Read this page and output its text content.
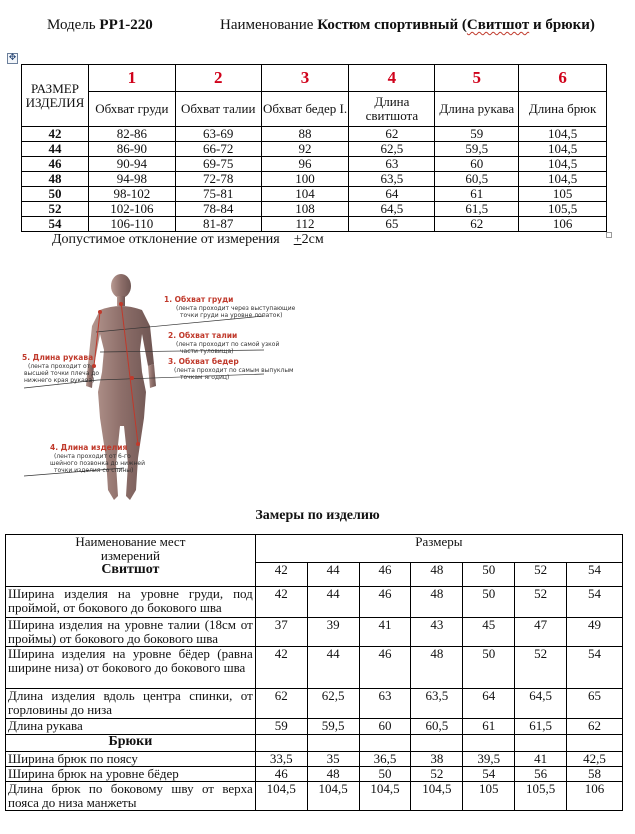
Модель PP1-220	Наименование Костюм спортивный (Свитшот и брюки)
✥
РАЗМЕР ИЗДЕЛИЯ	1	2	3	4	5	6
	Обхват груди	Обхват талии	Обхват бедер I.	Длина свитшота	Длина рукава	Длина брюк
42	82-86	63-69	88	62	59	104,5
44	86-90	66-72	92	62,5	59,5	104,5
46	90-94	69-75	96	63	60	104,5
48	94-98	72-78	100	63,5	60,5	104,5
50	98-102	75-81	104	64	61	105
52	102-106	78-84	108	64,5	61,5	105,5
54	106-110	81-87	112	65	62	106
Допустимое отклонение от измерения +2см
1. Обхват груди
(лента проходит через выступающие
точки груди на уровне лопаток)
2. Обхват талии
(лента проходит по самой узкой
части туловища)
3. Обхват бедер
(лента проходит по самым выпуклым
точкам ягодиц)
5. Длина рукава
(лента проходит от
высшей точки плеча до
нижнего края рукава)
4. Длина изделия
(лента проходит от 6-го
шейного позвонка до нижней
точки изделия со спины)
Замеры по изделию
Наименование мест измерений
Свитшот	Размеры						
	42	44	46	48	50	52	54
Ширина изделия на уровне груди, под проймой, от бокового до бокового шва	42	44	46	48	50	52	54
Ширина изделия на уровне талии (18см от проймы) от бокового до бокового шва	37	39	41	43	45	47	49
Ширина изделия на уровне бёдер (равна ширине низа) от бокового до бокового шва	42	44	46	48	50	52	54
Длина изделия вдоль центра спинки, от горловины до низа	62	62,5	63	63,5	64	64,5	65
Длина рукава	59	59,5	60	60,5	61	61,5	62
Брюки							
Ширина брюк по поясу	33,5	35	36,5	38	39,5	41	42,5
Ширина брюк на уровне бёдер	46	48	50	52	54	56	58
Длина брюк по боковому шву от верха пояса до низа манжеты	104,5	104,5	104,5	104,5	105	105,5	106
